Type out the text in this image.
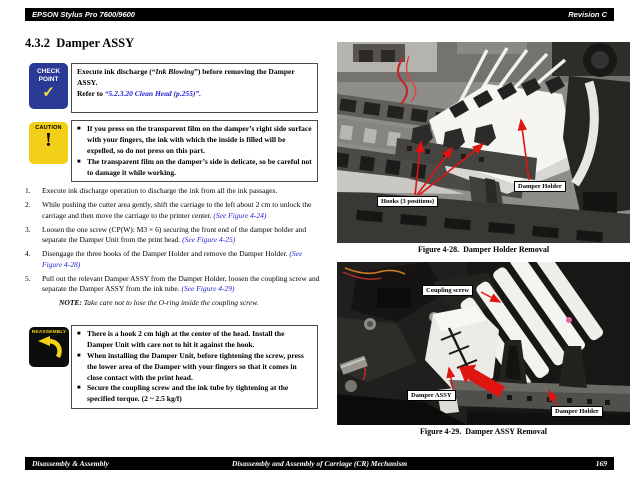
EPSON Stylus Pro 7600/9600	Revision C
4.3.2  Damper ASSY
CHECK
POINT
✓
Execute ink discharge (“Ink Blowing”) before removing the Damper ASSY.
Refer to “5.2.3.20 Clean Head (p.255)”.
CAUTION
!	■ If you press on the transparent film on the damper’s right side surface with your fingers, the ink with which the inside is filled will be expelled, so do not press on this part.
■ The transparent film on the damper’s side is delicate, so be careful not to damage it while working.
1.	Execute ink discharge operation to discharge the ink from all the ink passages.
2.	While pushing the cutter area gently, shift the carriage to the left about 2 cm to unlock the carriage and then move the carriage to the printer center. (See Figure 4-24)
3.	Loosen the one screw (CP(W): M3 × 6) securing the front end of the damper holder and separate the Damper Unit from the print head. (See Figure 4-25)
4.	Disengage the three hooks of the Damper Holder and remove the Damper Holder. (See Figure 4-28)
5.	Pull out the relevant Damper ASSY from the Damper Holder, loosen the coupling screw and separate the Damper ASSY from the ink tube. (See Figure 4-29)
NOTE: Take care not to lose the O-ring inside the coupling screw.
REASSEMBLY	■ There is a hook 2 cm high at the center of the head. Install the Damper Unit with care not to hit it against the hook.
■ When installing the Damper Unit, before tightening the screw, press the lower area of the Damper with your fingers so that it comes in close contact with the print head.
■ Secure the coupling screw and the ink tube by tightening at the specified torque. (2 ~ 2.5 kg/f)
Hooks (3 positions)
Damper Holder
Figure 4-28.  Damper Holder Removal
Coupling screw
Damper ASSY
Damper Holder
Figure 4-29.  Damper ASSY Removal
Disassembly & Assembly	Disassembly and Assembly of Carriage (CR) Mechanism	169
